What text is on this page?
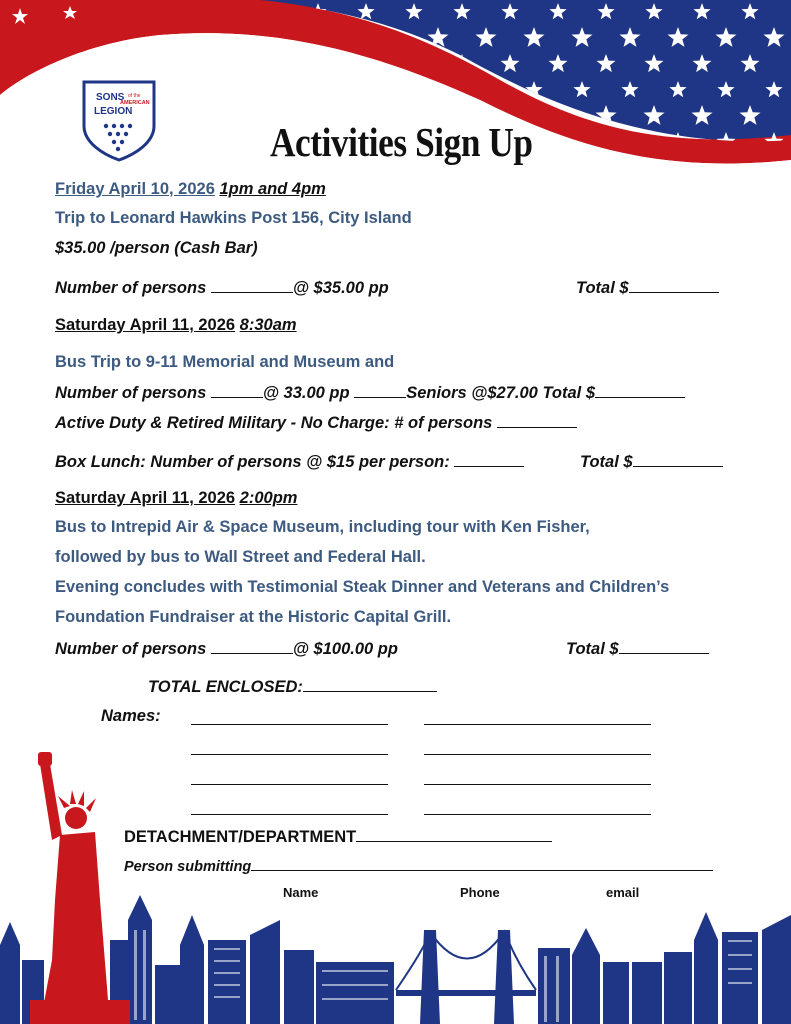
SONS of the
AMERICAN
LEGION
Activities Sign Up
Friday April 10, 2026 1pm and 4pm
Trip to Leonard Hawkins Post 156, City Island
$35.00 /person (Cash Bar)
Number of persons	@ $35.00 pp	Total $
Saturday April 11, 2026 8:30am
Bus Trip to 9-11 Memorial and Museum and
Number of persons	@ 33.00 pp	Seniors @$27.00 Total $
Active Duty & Retired Military - No Charge: # of persons
Box Lunch: Number of persons @ $15 per person:	Total $
Saturday April 11, 2026 2:00pm
Bus to Intrepid Air & Space Museum, including tour with Ken Fisher,
followed by bus to Wall Street and Federal Hall.
Evening concludes with Testimonial Steak Dinner and Veterans and Children’s
Foundation Fundraiser at the Historic Capital Grill.
Number of persons	@ $100.00 pp	Total $
TOTAL ENCLOSED:
Names:
DETACHMENT/DEPARTMENT
Person submitting
Name	Phone	email
